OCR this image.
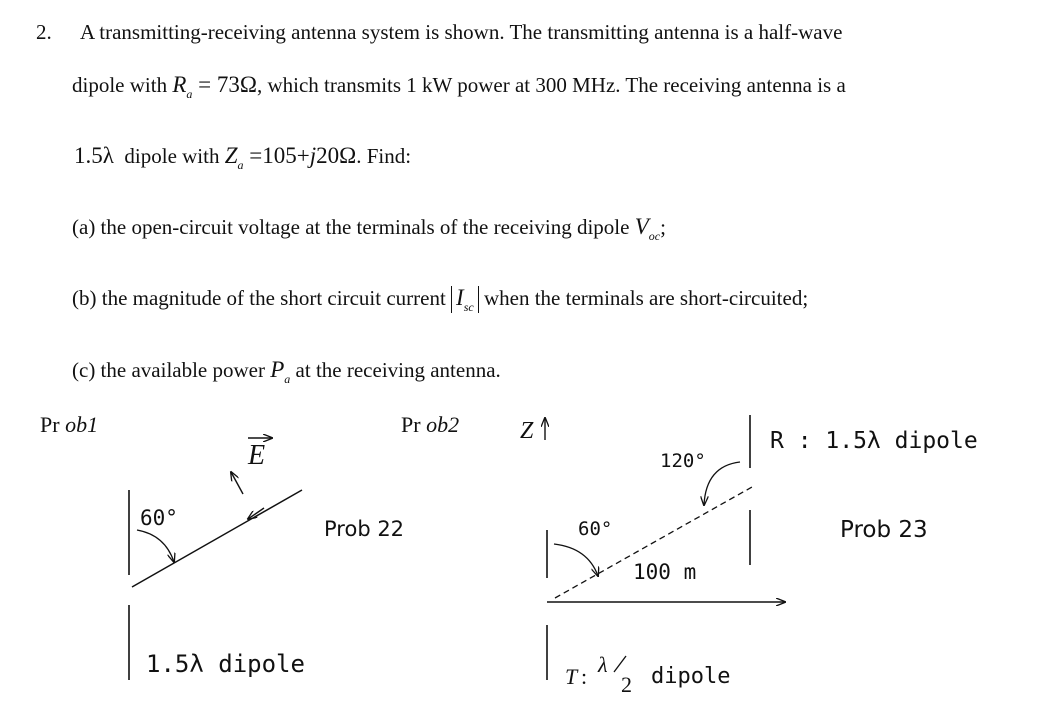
2. A transmitting-receiving antenna system is shown. The transmitting antenna is a half-wave
dipole with $R_a = 73\Omega$, which transmits 1 kW power at 300 MHz. The receiving antenna is a
1.5λ dipole with $Z_a =105+j20\Omega$. Find:
(a) the open-circuit voltage at the terminals of the receiving dipole $V_{oc}$;
(b) the magnitude of the short circuit current $I_{sc}$ when the terminals are short-circuited;
(c) the available power $P_a$ at the receiving antenna.
Pr ob1	Pr ob2
Prob 22	Prob 23
E
60°
1.5λ dipole
Z
60°
120°
100 m
R : 1.5λ dipole
T : λ
2 dipole
